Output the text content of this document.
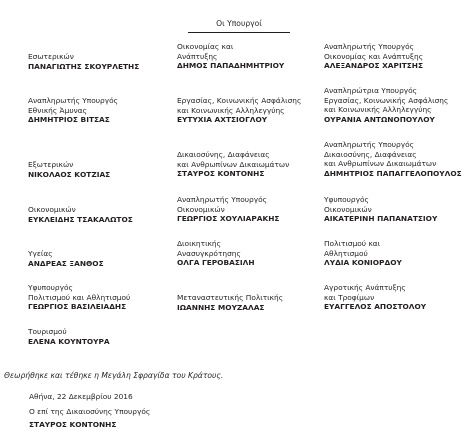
Οι Υπουργοί
Εσωτερικών
ΠΑΝΑΓΙΩΤΗΣ ΣΚΟΥΡΛΕΤΗΣ
Οικονομίας και
Ανάπτυξης
ΔΗΜΟΣ ΠΑΠΑΔΗΜΗΤΡΙΟΥ
Αναπληρωτής Υπουργός
Οικονομίας και Ανάπτυξης
ΑΛΕΞΑΝΔΡΟΣ ΧΑΡΙΤΣΗΣ
Αναπληρωτής Υπουργός
Εθνικής Άμυνας
ΔΗΜΗΤΡΙΟΣ ΒΙΤΣΑΣ
Εργασίας, Κοινωνικής Ασφάλισης
και Κοινωνικής Αλληλεγγύης
ΕΥΤΥΧΙΑ ΑΧΤΣΙΟΓΛΟΥ
Αναπληρώτρια Υπουργός
Εργασίας, Κοινωνικής Ασφάλισης
και Κοινωνικής Αλληλεγγύης
ΟΥΡΑΝΙΑ ΑΝΤΩΝΟΠΟΥΛΟΥ
Εξωτερικών
ΝΙΚΟΛΑΟΣ ΚΟΤΖΙΑΣ
Δικαιοσύνης, Διαφάνειας
και Ανθρωπίνων Δικαιωμάτων
ΣΤΑΥΡΟΣ ΚΟΝΤΟΝΗΣ
Αναπληρωτής Υπουργός
Δικαιοσύνης, Διαφάνειας
και Ανθρωπίνων Δικαιωμάτων
ΔΗΜΗΤΡΙΟΣ ΠΑΠΑΓΓΕΛΟΠΟΥΛΟΣ
Οικονομικών
ΕΥΚΛΕΙΔΗΣ ΤΣΑΚΑΛΩΤΟΣ
Αναπληρωτής Υπουργός
Οικονομικών
ΓΕΩΡΓΙΟΣ ΧΟΥΛΙΑΡΑΚΗΣ
Υφυπουργός
Οικονομικών
ΑΙΚΑΤΕΡΙΝΗ ΠΑΠΑΝΑΤΣΙΟΥ
Υγείας
ΑΝΔΡΕΑΣ ΞΑΝΘΟΣ
Διοικητικής
Ανασυγκρότησης
ΟΛΓΑ ΓΕΡΟΒΑΣΙΛΗ
Πολιτισμού και
Αθλητισμού
ΛΥΔΙΑ ΚΟΝΙΟΡΔΟΥ
Υφυπουργός
Πολιτισμού και Αθλητισμού
ΓΕΩΡΓΙΟΣ ΒΑΣΙΛΕΙΑΔΗΣ
Μεταναστευτικής Πολιτικής
ΙΩΑΝΝΗΣ ΜΟΥΖΑΛΑΣ
Αγροτικής Ανάπτυξης
και Τροφίμων
ΕΥΑΓΓΕΛΟΣ ΑΠΟΣΤΟΛΟΥ
Τουρισμού
ΕΛΕΝΑ ΚΟΥΝΤΟΥΡΑ
Θεωρήθηκε και τέθηκε η Μεγάλη Σφραγίδα του Κράτους.
Αθήνα, 22 Δεκεμβρίου 2016
Ο επί της Δικαιοσύνης Υπουργός
ΣΤΑΥΡΟΣ ΚΟΝΤΟΝΗΣ
